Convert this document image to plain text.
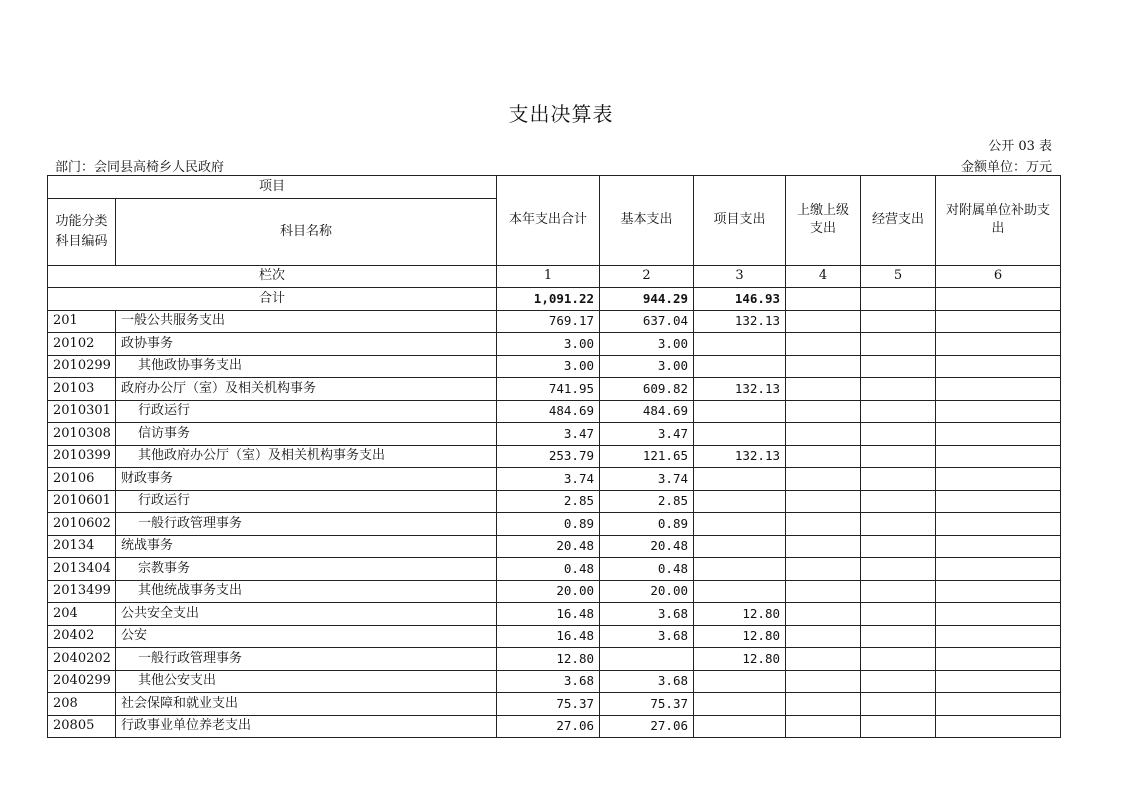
支出决算表
公开 03 表
部门：会同县高椅乡人民政府	金额单位：万元
项目		本年支出合计	基本支出	项目支出	上缴上级支出	经营支出	对附属单位补助支出
功能分类科目编码	科目名称						
栏次		1	2	3	4	5	6
合计		1,091.22	944.29	146.93			
201	一般公共服务支出	769.17	637.04	132.13			
20102	政协事务	3.00	3.00				
2010299	其他政协事务支出	3.00	3.00				
20103	政府办公厅（室）及相关机构事务	741.95	609.82	132.13			
2010301	行政运行	484.69	484.69				
2010308	信访事务	3.47	3.47				
2010399	其他政府办公厅（室）及相关机构事务支出	253.79	121.65	132.13			
20106	财政事务	3.74	3.74				
2010601	行政运行	2.85	2.85				
2010602	一般行政管理事务	0.89	0.89				
20134	统战事务	20.48	20.48				
2013404	宗教事务	0.48	0.48				
2013499	其他统战事务支出	20.00	20.00				
204	公共安全支出	16.48	3.68	12.80			
20402	公安	16.48	3.68	12.80			
2040202	一般行政管理事务	12.80		12.80			
2040299	其他公安支出	3.68	3.68				
208	社会保障和就业支出	75.37	75.37				
20805	行政事业单位养老支出	27.06	27.06				
